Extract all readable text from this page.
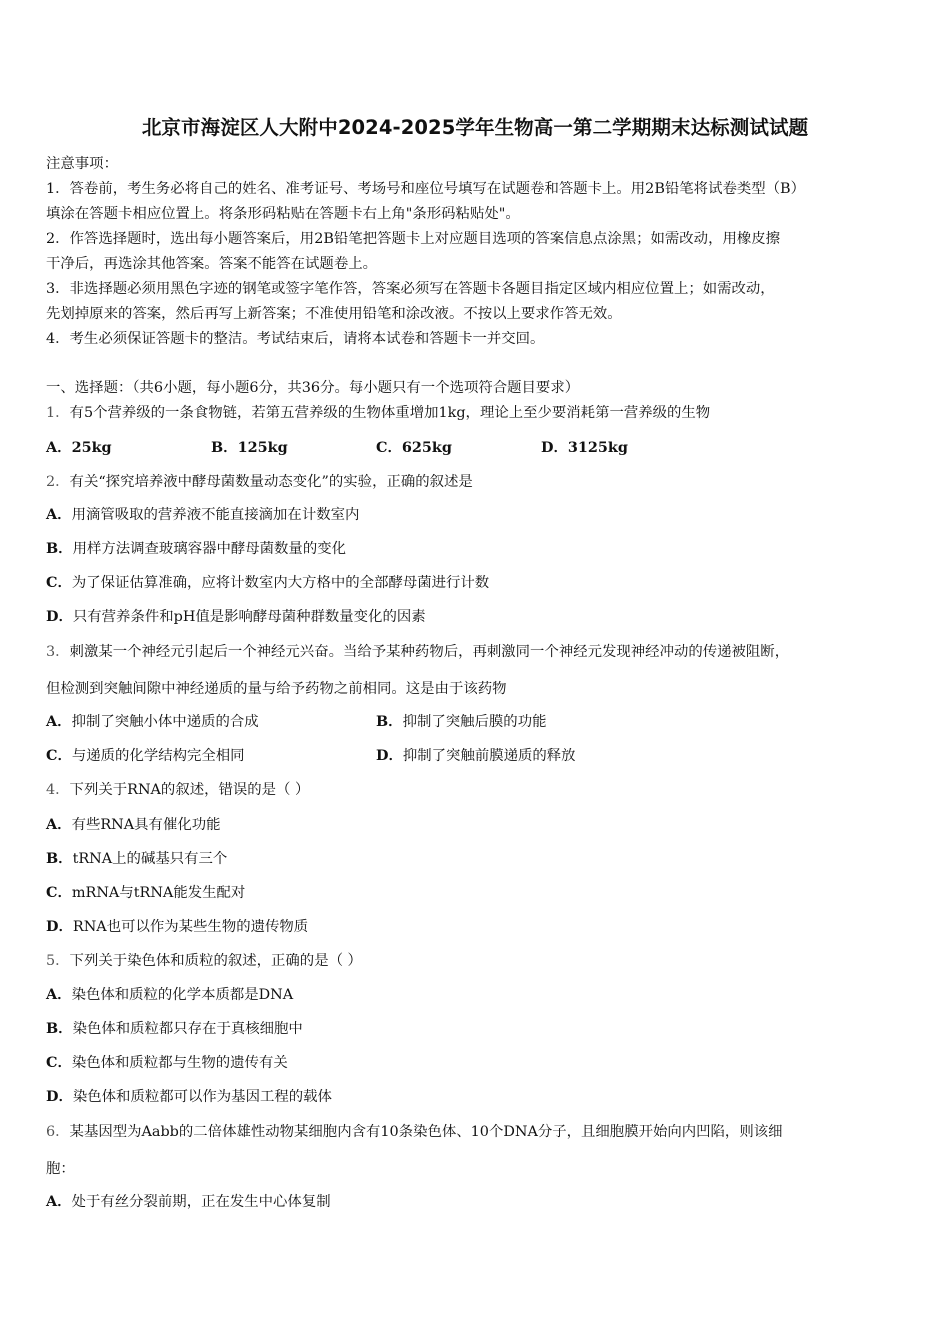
北京市海淀区人大附中2024-2025学年生物高一第二学期期末达标测试试题
注意事项：
1．答卷前，考生务必将自己的姓名、准考证号、考场号和座位号填写在试题卷和答题卡上。用2B铅笔将试卷类型（B）
填涂在答题卡相应位置上。将条形码粘贴在答题卡右上角"条形码粘贴处"。
2．作答选择题时，选出每小题答案后，用2B铅笔把答题卡上对应题目选项的答案信息点涂黑；如需改动，用橡皮擦
干净后，再选涂其他答案。答案不能答在试题卷上。
3．非选择题必须用黑色字迹的钢笔或签字笔作答，答案必须写在答题卡各题目指定区域内相应位置上；如需改动，
先划掉原来的答案，然后再写上新答案；不准使用铅笔和涂改液。不按以上要求作答无效。
4．考生必须保证答题卡的整洁。考试结束后，请将本试卷和答题卡一并交回。
一、选择题：（共6小题，每小题6分，共36分。每小题只有一个选项符合题目要求）
1．有5个营养级的一条食物链，若第五营养级的生物体重增加1kg，理论上至少要消耗第一营养级的生物
A．25kg	B．125kg	C．625kg	D．3125kg
2．有关“探究培养液中酵母菌数量动态变化”的实验，正确的叙述是
A．用滴管吸取的营养液不能直接滴加在计数室内
B．用样方法调查玻璃容器中酵母菌数量的变化
C．为了保证估算准确，应将计数室内大方格中的全部酵母菌进行计数
D．只有营养条件和pH值是影响酵母菌种群数量变化的因素
3．刺激某一个神经元引起后一个神经元兴奋。当给予某种药物后，再刺激同一个神经元发现神经冲动的传递被阻断，
但检测到突触间隙中神经递质的量与给予药物之前相同。这是由于该药物
A．抑制了突触小体中递质的合成	B．抑制了突触后膜的功能
C．与递质的化学结构完全相同	D．抑制了突触前膜递质的释放
4．下列关于RNA的叙述，错误的是（ ）
A．有些RNA具有催化功能
B．tRNA上的碱基只有三个
C．mRNA与tRNA能发生配对
D．RNA也可以作为某些生物的遗传物质
5．下列关于染色体和质粒的叙述，正确的是（ ）
A．染色体和质粒的化学本质都是DNA
B．染色体和质粒都只存在于真核细胞中
C．染色体和质粒都与生物的遗传有关
D．染色体和质粒都可以作为基因工程的载体
6．某基因型为Aabb的二倍体雄性动物某细胞内含有10条染色体、10个DNA分子，且细胞膜开始向内凹陷，则该细
胞：
A．处于有丝分裂前期，正在发生中心体复制
